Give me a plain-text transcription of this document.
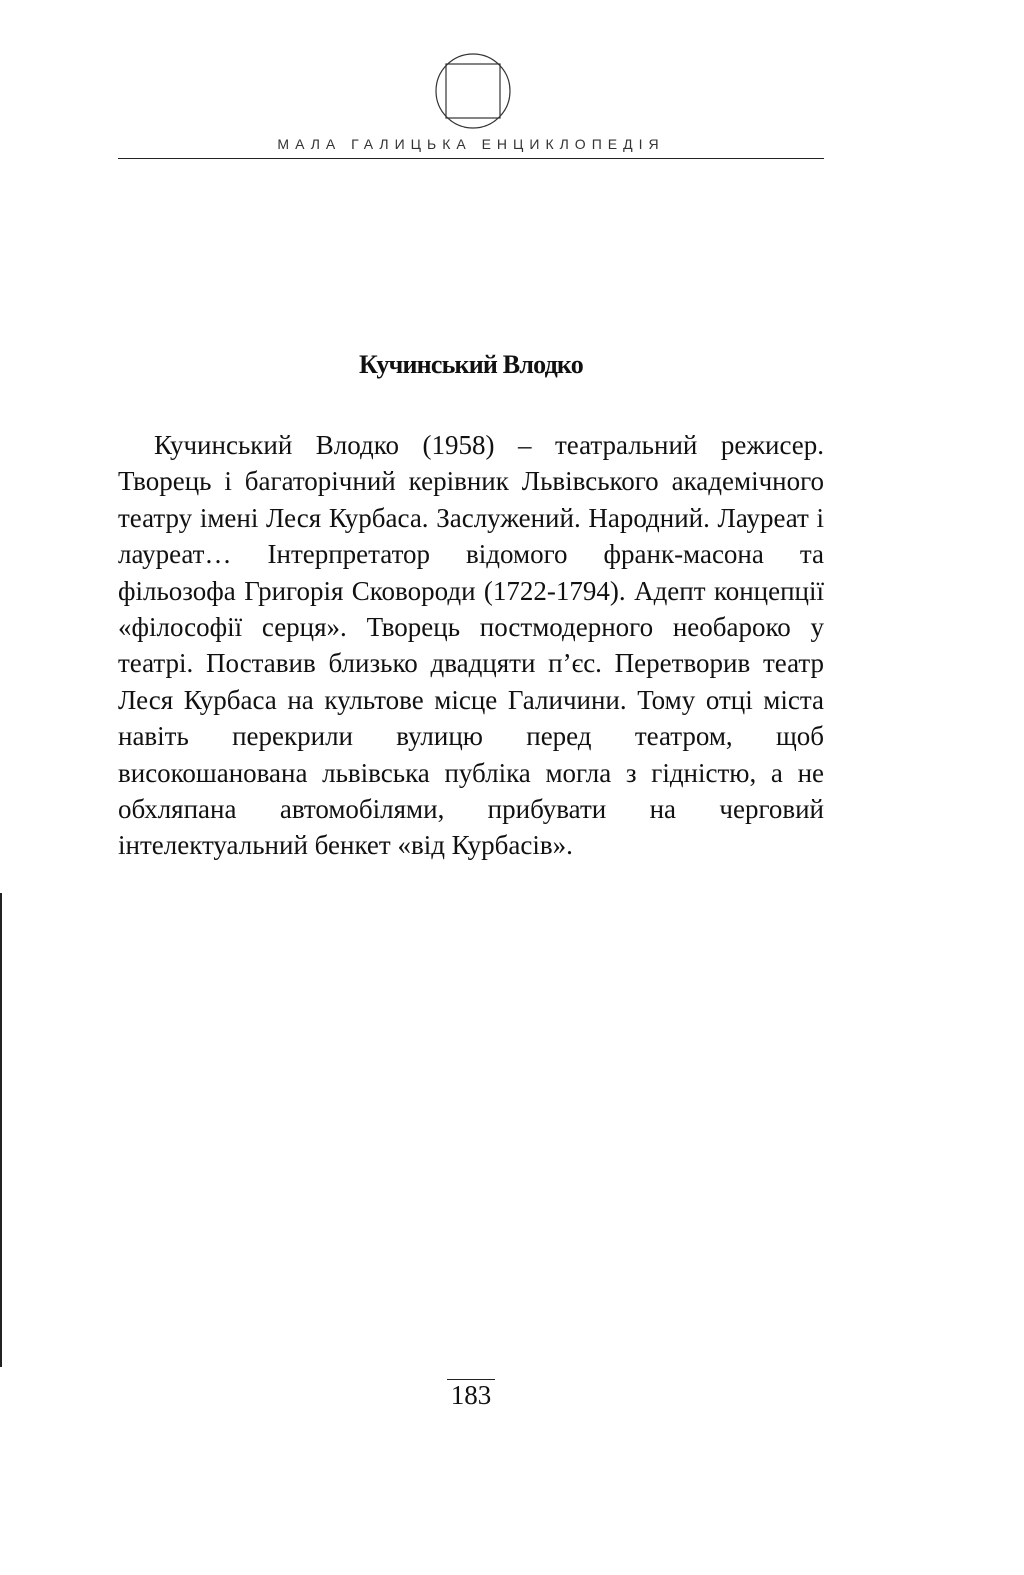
МАЛА ГАЛИЦЬКА ЕНЦИКЛОПЕДІЯ
Кучинський Влодко

Кучинський Влодко (1958) – театральний режисер. Творець і багаторічний керівник Львівського академічного театру імені Леся Курбаса. Заслужений. Народний. Лауреат і лауреат… Інтерпретатор відомого франк-масона та фільозофа Григорія Сковороди (1722-1794). Адепт концепції «філософії серця». Творець постмодерного необароко у театрі. Поставив близько двадцяти п’єс. Перетворив театр Леся Курбаса на культове місце Галичини. Тому отці міста навіть перекрили вулицю перед театром, щоб високошанована львівська публіка могла з гідністю, а не обхляпана автомобілями, прибувати на черговий інтелектуальний бенкет «від Курбасів».

183
